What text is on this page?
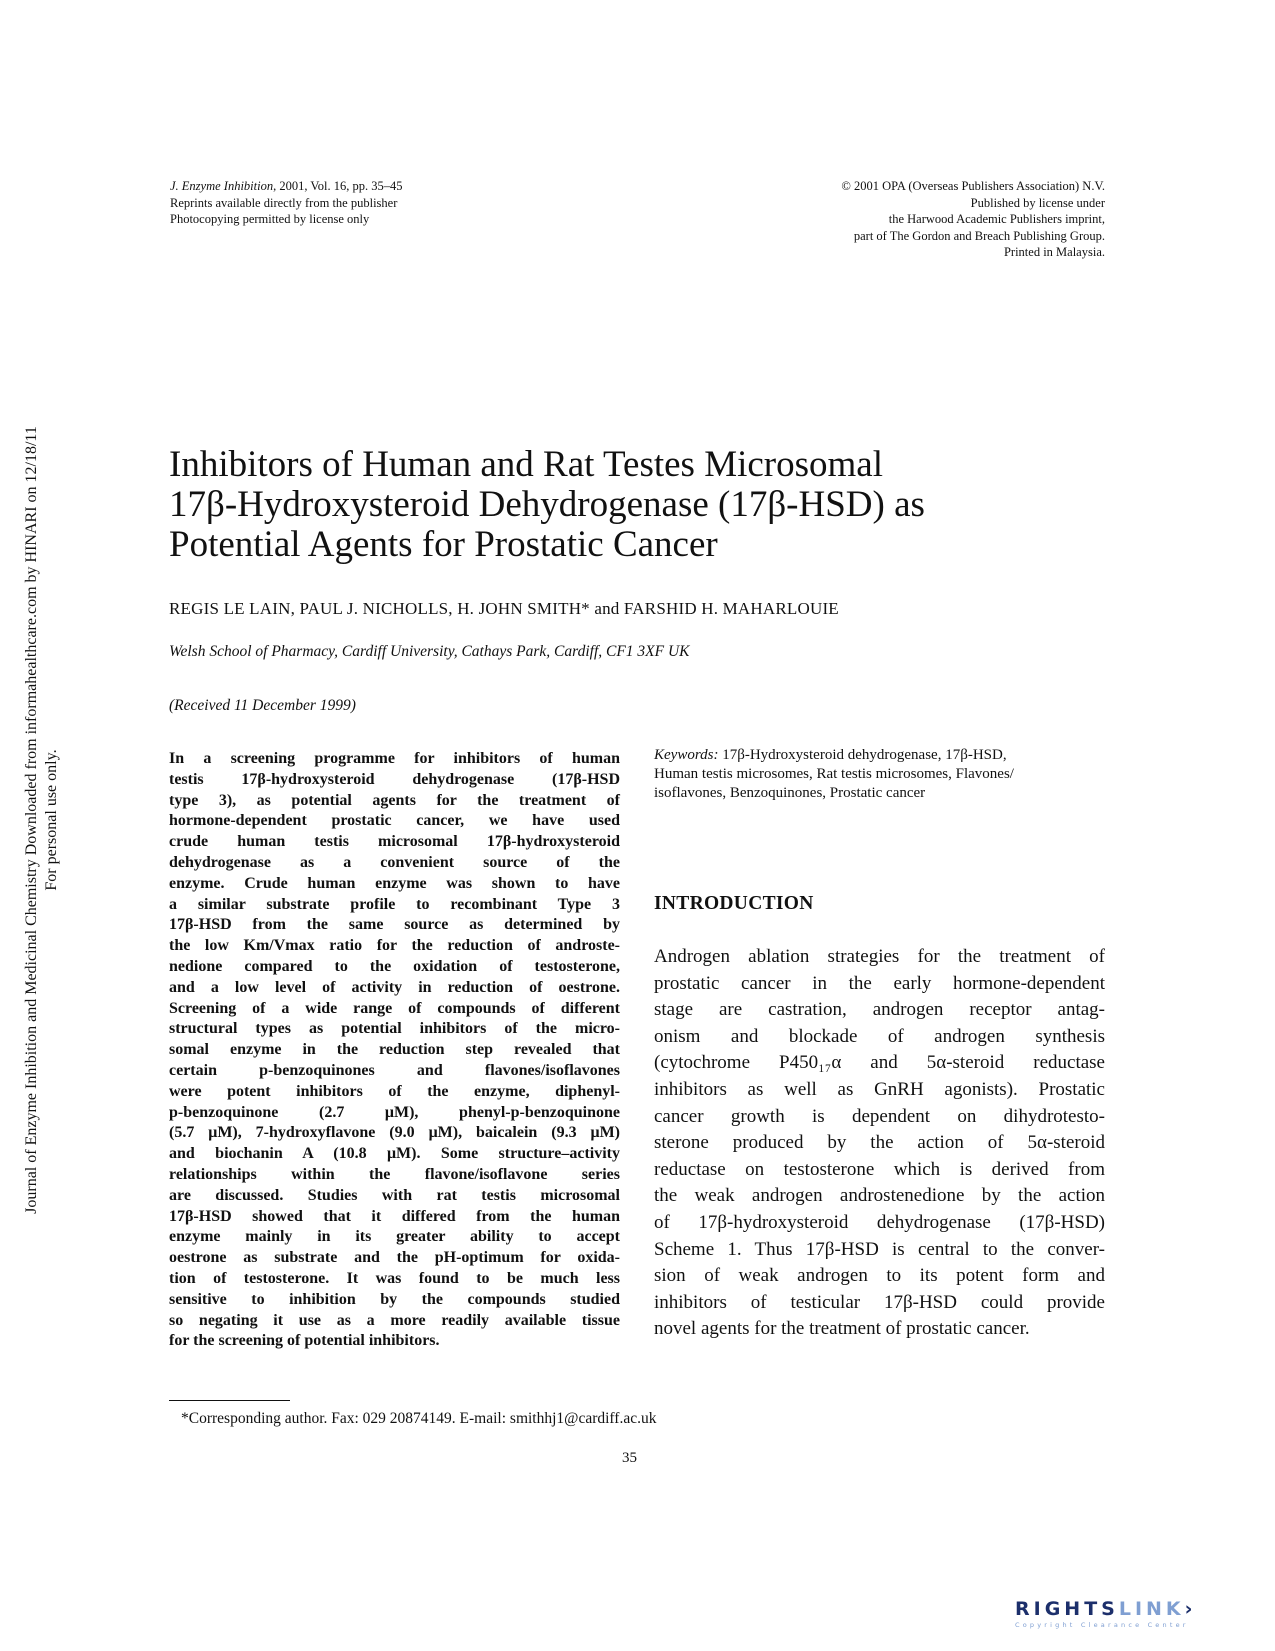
Journal of Enzyme Inhibition and Medicinal Chemistry Downloaded from informahealthcare.com by HINARI on 12/18/11 For personal use only.
J. Enzyme Inhibition, 2001, Vol. 16, pp. 35–45
Reprints available directly from the publisher
Photocopying permitted by license only
© 2001 OPA (Overseas Publishers Association) N.V.
Published by license under
the Harwood Academic Publishers imprint,
part of The Gordon and Breach Publishing Group.
Printed in Malaysia.
Inhibitors of Human and Rat Testes Microsomal
17β-Hydroxysteroid Dehydrogenase (17β-HSD) as
Potential Agents for Prostatic Cancer
REGIS LE LAIN, PAUL J. NICHOLLS, H. JOHN SMITH* and FARSHID H. MAHARLOUIE
Welsh School of Pharmacy, Cardiff University, Cathays Park, Cardiff, CF1 3XF UK
(Received 11 December 1999)
In a screening programme for inhibitors of human
testis 17β-hydroxysteroid dehydrogenase (17β-HSD
type 3), as potential agents for the treatment of
hormone-dependent prostatic cancer, we have used
crude human testis microsomal 17β-hydroxysteroid
dehydrogenase as a convenient source of the
enzyme. Crude human enzyme was shown to have
a similar substrate profile to recombinant Type 3
17β-HSD from the same source as determined by
the low Km/Vmax ratio for the reduction of androste-
nedione compared to the oxidation of testosterone,
and a low level of activity in reduction of oestrone.
Screening of a wide range of compounds of different
structural types as potential inhibitors of the micro-
somal enzyme in the reduction step revealed that
certain p-benzoquinones and flavones/isoflavones
were potent inhibitors of the enzyme, diphenyl-
p-benzoquinone (2.7 μM), phenyl-p-benzoquinone
(5.7 μM), 7-hydroxyflavone (9.0 μM), baicalein (9.3 μM)
and biochanin A (10.8 μM). Some structure–activity
relationships within the flavone/isoflavone series
are discussed. Studies with rat testis microsomal
17β-HSD showed that it differed from the human
enzyme mainly in its greater ability to accept
oestrone as substrate and the pH-optimum for oxida-
tion of testosterone. It was found to be much less
sensitive to inhibition by the compounds studied
so negating it use as a more readily available tissue
for the screening of potential inhibitors.
Keywords: 17β-Hydroxysteroid dehydrogenase, 17β-HSD,
Human testis microsomes, Rat testis microsomes, Flavones/
isoflavones, Benzoquinones, Prostatic cancer
INTRODUCTION
Androgen ablation strategies for the treatment of
prostatic cancer in the early hormone-dependent
stage are castration, androgen receptor antag-
onism and blockade of androgen synthesis
(cytochrome P450₁₇α and 5α-steroid reductase
inhibitors as well as GnRH agonists). Prostatic
cancer growth is dependent on dihydrotesto-
sterone produced by the action of 5α-steroid
reductase on testosterone which is derived from
the weak androgen androstenedione by the action
of 17β-hydroxysteroid dehydrogenase (17β-HSD)
Scheme 1. Thus 17β-HSD is central to the conver-
sion of weak androgen to its potent form and
inhibitors of testicular 17β-HSD could provide
novel agents for the treatment of prostatic cancer.
*Corresponding author. Fax: 029 20874149. E-mail: smithhj1@cardiff.ac.uk
35
RIGHTSLINK›
Copyright Clearance Center
